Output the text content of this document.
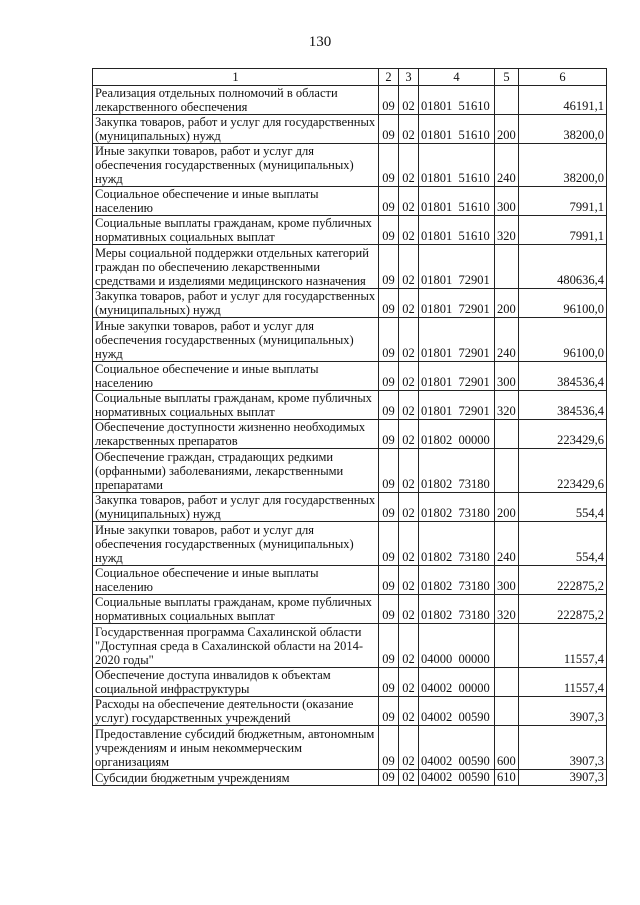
130
1	2	3	4	5	6
Реализация отдельных полномочий в области лекарственного обеспечения	09	02	01801  51610		46191,1
Закупка товаров, работ и услуг для государственных (муниципальных) нужд	09	02	01801  51610	200	38200,0
Иные закупки товаров, работ и услуг для обеспечения государственных (муниципальных) нужд	09	02	01801  51610	240	38200,0
Социальное обеспечение и иные выплаты населению	09	02	01801  51610	300	7991,1
Социальные выплаты гражданам, кроме публичных нормативных социальных выплат	09	02	01801  51610	320	7991,1
Меры социальной поддержки отдельных категорий граждан по обеспечению лекарственными средствами и изделиями медицинского назначения	09	02	01801  72901		480636,4
Закупка товаров, работ и услуг для государственных (муниципальных) нужд	09	02	01801  72901	200	96100,0
Иные закупки товаров, работ и услуг для обеспечения государственных (муниципальных) нужд	09	02	01801  72901	240	96100,0
Социальное обеспечение и иные выплаты населению	09	02	01801  72901	300	384536,4
Социальные выплаты гражданам, кроме публичных нормативных социальных выплат	09	02	01801  72901	320	384536,4
Обеспечение доступности жизненно необходимых лекарственных препаратов	09	02	01802  00000		223429,6
Обеспечение граждан, страдающих редкими (орфанными) заболеваниями, лекарственными препаратами	09	02	01802  73180		223429,6
Закупка товаров, работ и услуг для государственных (муниципальных) нужд	09	02	01802  73180	200	554,4
Иные закупки товаров, работ и услуг для обеспечения государственных (муниципальных) нужд	09	02	01802  73180	240	554,4
Социальное обеспечение и иные выплаты населению	09	02	01802  73180	300	222875,2
Социальные выплаты гражданам, кроме публичных нормативных социальных выплат	09	02	01802  73180	320	222875,2
Государственная программа Сахалинской области "Доступная среда в Сахалинской области на 2014-2020 годы"	09	02	04000  00000		11557,4
Обеспечение доступа инвалидов к объектам социальной инфраструктуры	09	02	04002  00000		11557,4
Расходы на обеспечение деятельности (оказание услуг) государственных учреждений	09	02	04002  00590		3907,3
Предоставление субсидий бюджетным, автономным учреждениям и иным некоммерческим организациям	09	02	04002  00590	600	3907,3
Субсидии бюджетным учреждениям	09	02	04002  00590	610	3907,3
